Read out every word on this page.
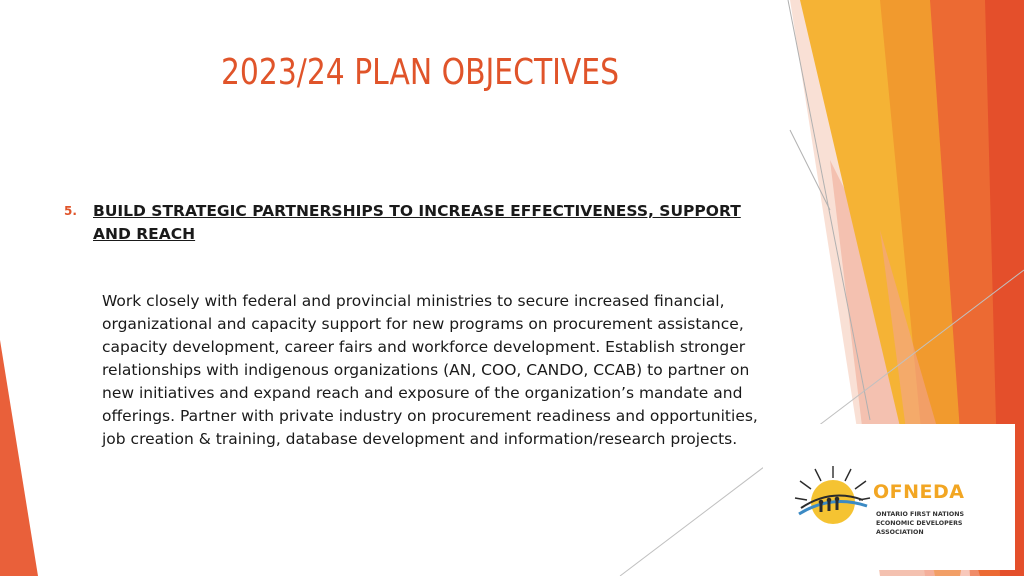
2023/24 PLAN OBJECTIVES
5. BUILD STRATEGIC PARTNERSHIPS TO INCREASE EFFECTIVENESS, SUPPORT AND REACH
Work closely with federal and provincial ministries to secure increased financial, organizational and capacity support for new programs on procurement assistance, capacity development, career fairs and workforce development. Establish stronger relationships with indigenous organizations (AN, COO, CANDO, CCAB) to partner on new initiatives and expand reach and exposure of the organization’s mandate and offerings. Partner with private industry on procurement readiness and opportunities, job creation & training, database development and information/research projects.
OFNEDA
ONTARIO FIRST NATIONS ECONOMIC DEVELOPERS ASSOCIATION
